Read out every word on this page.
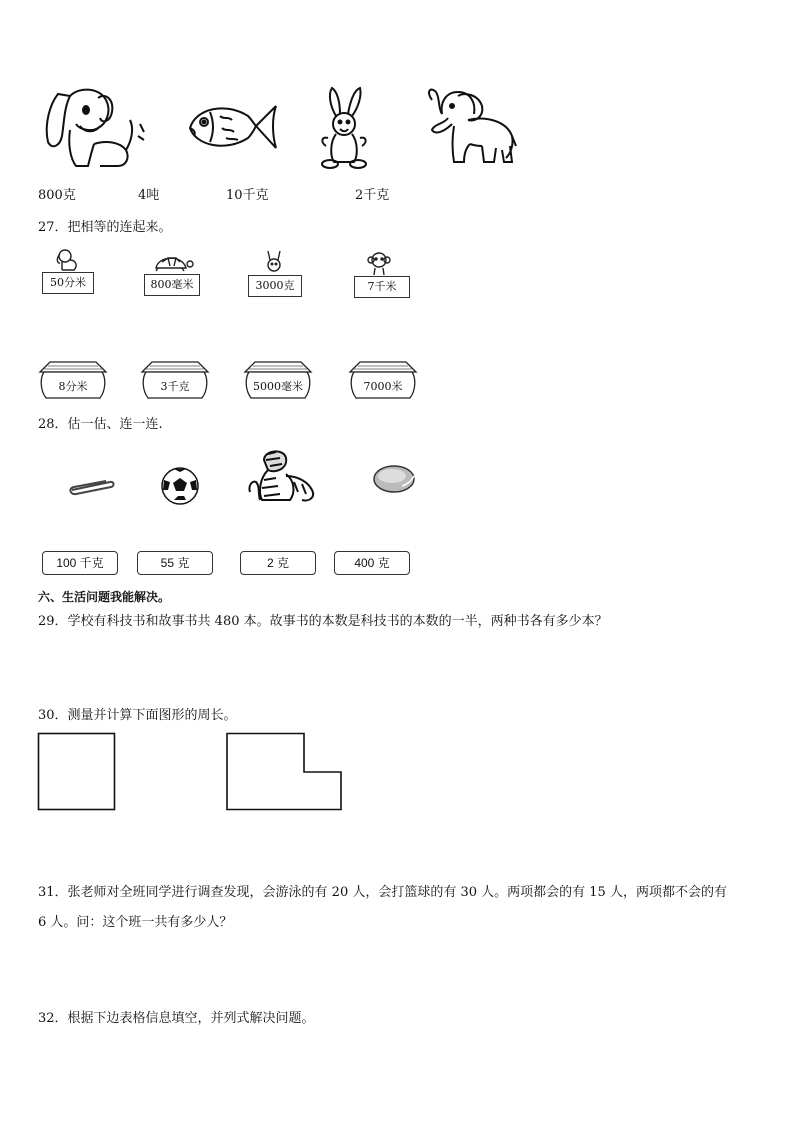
800克	4吨	10千克	2千克
27．把相等的连起来。
50分米	800毫米	3000克	7千米
8分米	3千克	5000毫米	7000米
28．估一估、连一连.
100 千克	55 克	2 克	400 克
六、生活问题我能解决。
29．学校有科技书和故事书共 480 本。故事书的本数是科技书的本数的一半，两种书各有多少本？
30．测量并计算下面图形的周长。
31．张老师对全班同学进行调查发现，会游泳的有 20 人，会打篮球的有 30 人。两项都会的有 15 人，两项都不会的有
6 人。问：这个班一共有多少人？
32．根据下边表格信息填空，并列式解决问题。
